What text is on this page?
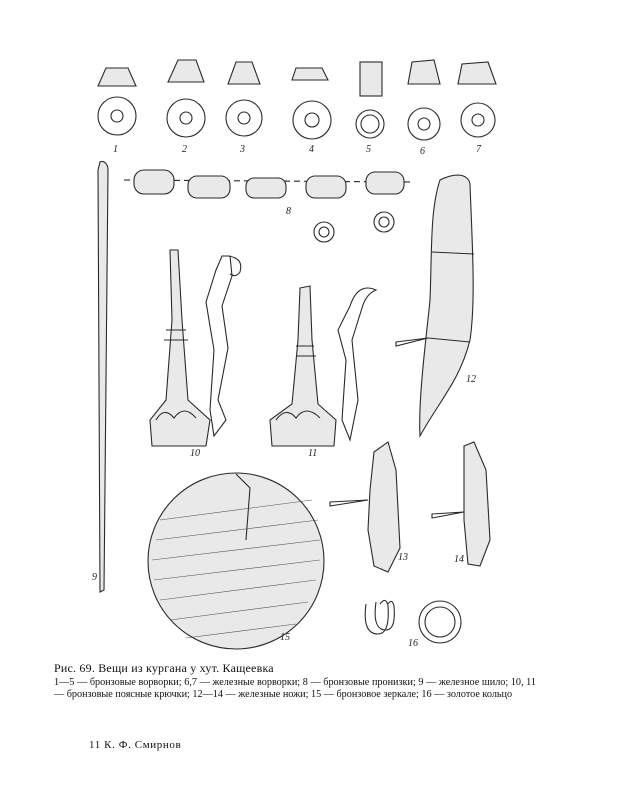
1	2	3	4	5	6	7
8
9
10	11
12
13	14
15
16
Рис. 69. Вещи из кургана у хут. Кащеевка
1—5 — бронзовые ворворки; 6,7 — железные ворворки; 8 — бронзовые пронизки; 9 — железное шило; 10, 11 — бронзовые поясные крючки; 12—14 — железные ножи; 15 — бронзовое зеркале; 16 — золотое кольцо
11 К. Ф. Смирнов
